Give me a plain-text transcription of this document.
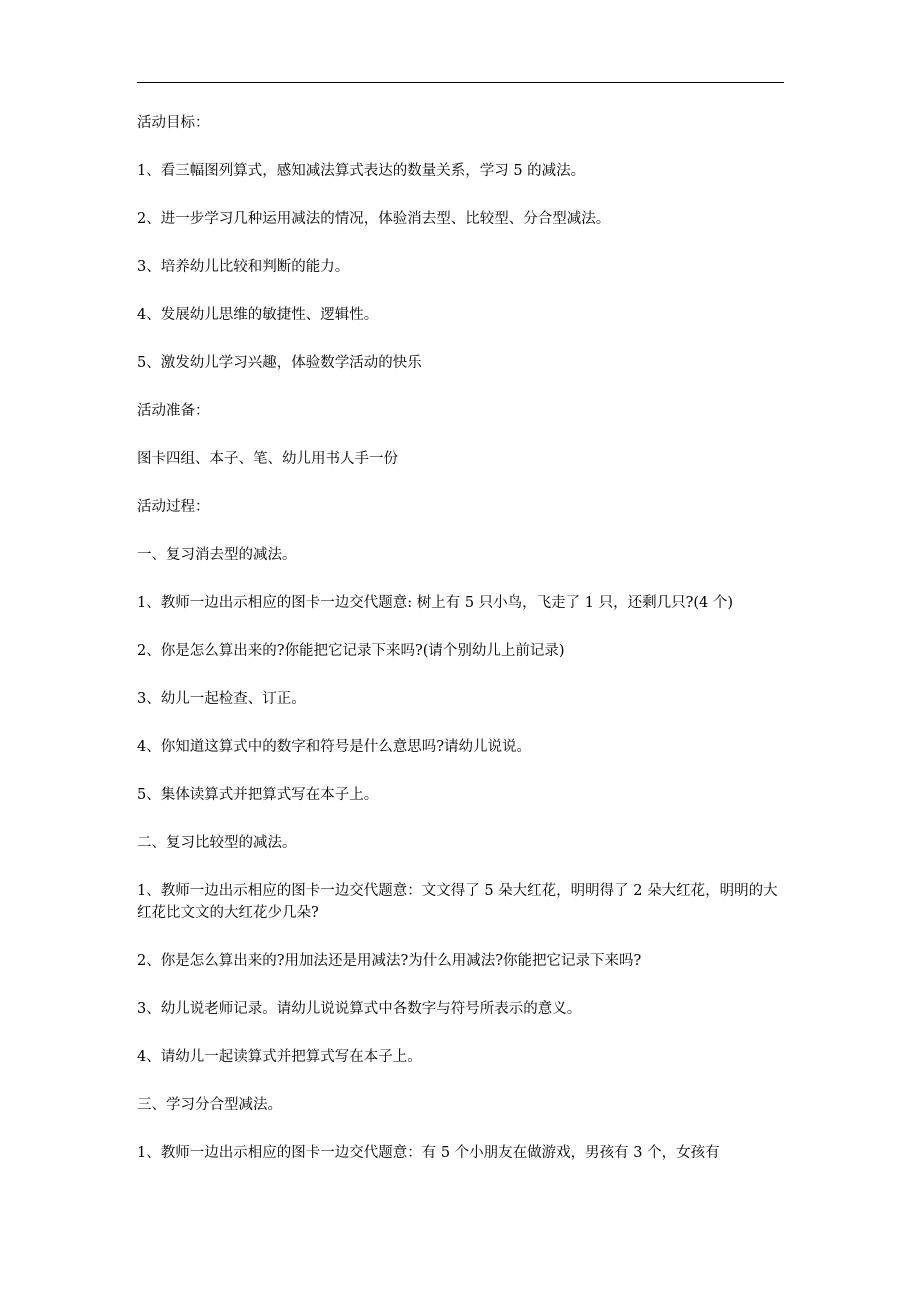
活动目标：

1、看三幅图列算式，感知减法算式表达的数量关系，学习 5 的减法。

2、进一步学习几种运用减法的情况，体验消去型、比较型、分合型减法。

3、培养幼儿比较和判断的能力。

4、发展幼儿思维的敏捷性、逻辑性。

5、激发幼儿学习兴趣，体验数学活动的快乐

活动准备：

图卡四组、本子、笔、幼儿用书人手一份

活动过程：

一、复习消去型的减法。

1、教师一边出示相应的图卡一边交代题意: 树上有 5 只小鸟，飞走了 1 只，还剩几只?(4 个)

2、你是怎么算出来的?你能把它记录下来吗?(请个别幼儿上前记录)

3、幼儿一起检查、订正。

4、你知道这算式中的数字和符号是什么意思吗?请幼儿说说。

5、集体读算式并把算式写在本子上。

二、复习比较型的减法。

1、教师一边出示相应的图卡一边交代题意：文文得了 5 朵大红花，明明得了 2 朵大红花，明明的大红花比文文的大红花少几朵?

2、你是怎么算出来的?用加法还是用减法?为什么用减法?你能把它记录下来吗?

3、幼儿说老师记录。请幼儿说说算式中各数字与符号所表示的意义。

4、请幼儿一起读算式并把算式写在本子上。

三、学习分合型减法。

1、教师一边出示相应的图卡一边交代题意：有 5 个小朋友在做游戏，男孩有 3 个，女孩有
